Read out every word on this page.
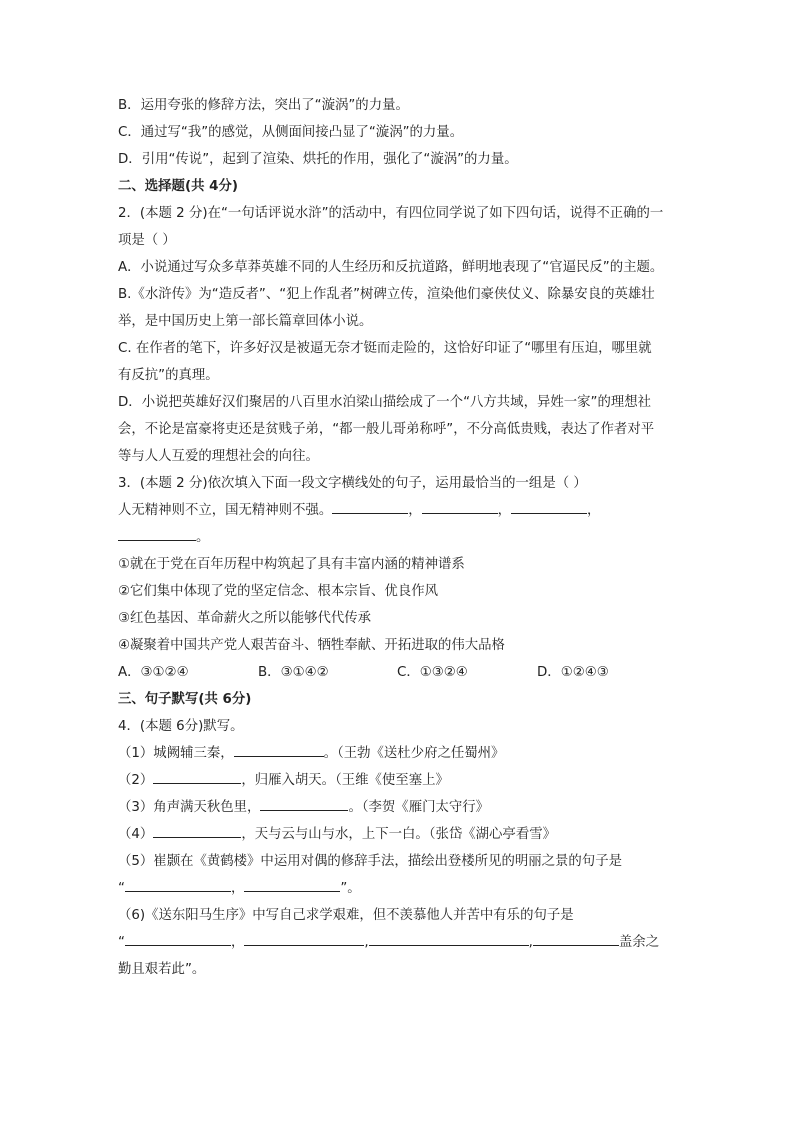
B．运用夸张的修辞方法，突出了“漩涡”的力量。
C．通过写“我”的感觉，从侧面间接凸显了“漩涡”的力量。
D．引用“传说”，起到了渲染、烘托的作用，强化了“漩涡”的力量。
二、选择题(共 4分)
2．(本题 2 分)在“一句话评说水浒”的活动中，有四位同学说了如下四句话，说得不正确的一
项是（ ）
A．小说通过写众多草莽英雄不同的人生经历和反抗道路，鲜明地表现了“官逼民反”的主题。
B.《水浒传》为“造反者”、“犯上作乱者”树碑立传，渲染他们豪侠仗义、除暴安良的英雄壮
举，是中国历史上第一部长篇章回体小说。
C. 在作者的笔下，许多好汉是被逼无奈才铤而走险的，这恰好印证了“哪里有压迫，哪里就
有反抗”的真理。
D．小说把英雄好汉们聚居的八百里水泊梁山描绘成了一个“八方共域，异姓一家”的理想社
会，不论是富豪将吏还是贫贱子弟，“都一般儿哥弟称呼”，不分高低贵贱，表达了作者对平
等与人人互爱的理想社会的向往。
3．(本题 2 分)依次填入下面一段文字横线处的句子，运用最恰当的一组是（ ）
人无精神则不立，国无精神则不强。	，	，	，
。
①就在于党在百年历程中构筑起了具有丰富内涵的精神谱系
②它们集中体现了党的坚定信念、根本宗旨、优良作风
③红色基因、革命薪火之所以能够代代传承
④凝聚着中国共产党人艰苦奋斗、牺牲奉献、开拓进取的伟大品格
A．③①②④	B．③①④②	C．①③②④	D．①②④③
三、句子默写(共 6分)
4．(本题 6分)默写。
（1）城阙辅三秦，	。（王勃《送杜少府之任蜀州》
（2）	，归雁入胡天。（王维《使至塞上》
（3）角声满天秋色里，	。（李贺《雁门太守行》
（4）	，天与云与山与水，上下一白。（张岱《湖心亭看雪》
（5）崔颢在《黄鹤楼》中运用对偶的修辞手法，描绘出登楼所见的明丽之景的句子是
“	，	”。
（6)《送东阳马生序》中写自己求学艰难，但不羡慕他人并苦中有乐的句子是
“	，	,	,	盖余之
勤且艰若此”。
